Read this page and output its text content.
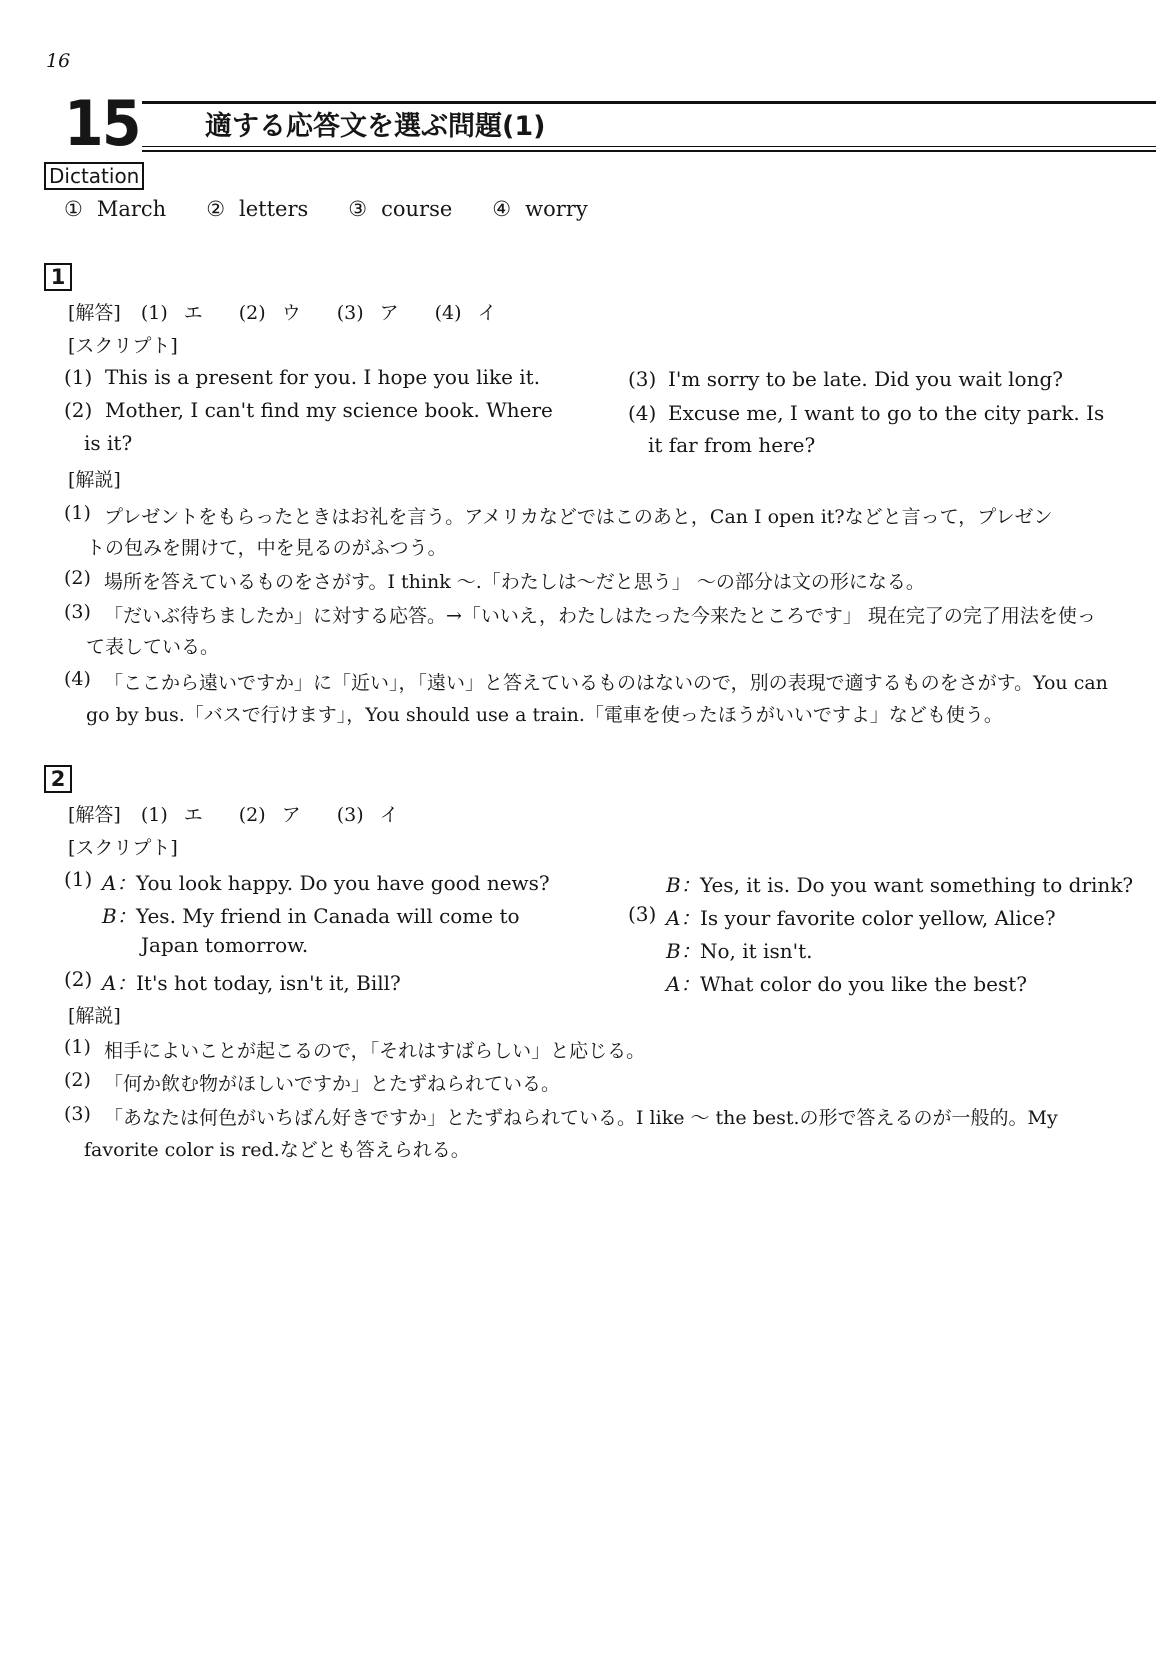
16
15 適する応答文を選ぶ問題(1)
Dictation
① March ② letters ③ course ④ worry
1
[解答] (1) エ	(2) ウ	(3) ア	(4) イ
[スクリプト]
(1) This is a present for you. I hope you like it.
(2) Mother, I can't find my science book. Where
is it?
(3) I'm sorry to be late. Did you wait long?
(4) Excuse me, I want to go to the city park. Is
it far from here?
[解説]
(1) プレゼントをもらったときはお礼を言う。アメリカなどではこのあと，Can I open it?などと言って，プレゼン
トの包みを開けて，中を見るのがふつう。
(2) 場所を答えているものをさがす。I think ～.「わたしは～だと思う」 ～の部分は文の形になる。
(3) 「だいぶ待ちましたか」に対する応答。→「いいえ，わたしはたった今来たところです」 現在完了の完了用法を使っ
て表している。
(4) 「ここから遠いですか」に「近い」，「遠い」と答えているものはないので，別の表現で適するものをさがす。You can
go by bus.「バスで行けます」，You should use a train.「電車を使ったほうがいいですよ」なども使う。
2
[解答] (1) エ	(2) ア	(3) イ
[スクリプト]
(1) A：You look happy. Do you have good news?
B：Yes. My friend in Canada will come to
Japan tomorrow.
(2) A：It's hot today, isn't it, Bill?
B：Yes, it is. Do you want something to drink?
(3) A：Is your favorite color yellow, Alice?
B：No, it isn't.
A：What color do you like the best?
[解説]
(1) 相手によいことが起こるので，「それはすばらしい」と応じる。
(2) 「何か飲む物がほしいですか」とたずねられている。
(3) 「あなたは何色がいちばん好きですか」とたずねられている。I like ～ the best.の形で答えるのが一般的。My
favorite color is red.などとも答えられる。
